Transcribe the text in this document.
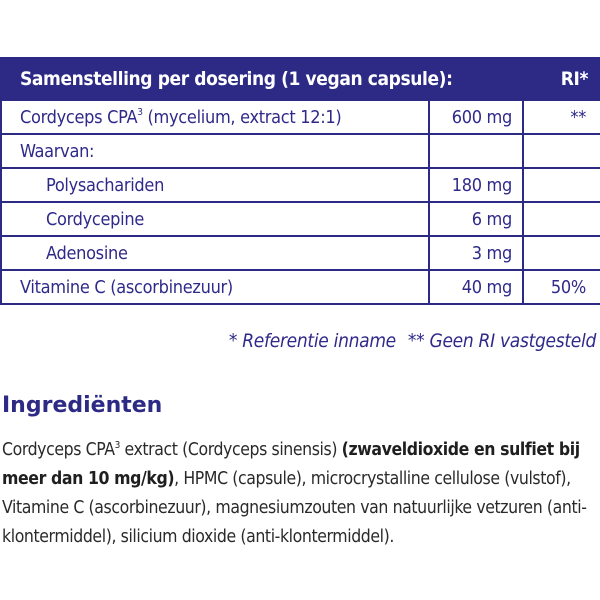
Samenstelling per dosering (1 vegan capsule):		RI*
Cordyceps CPA$^3$ (mycelium, extract 12:1)	600 mg	**
Waarvan:		
Polysachariden	180 mg	
Cordycepine	6 mg	
Adenosine	3 mg	
Vitamine C (ascorbinezuur)	40 mg	50%
* Referentie inname ** Geen RI vastgesteld
Ingrediënten

Cordyceps CPA$^3$ extract (Cordyceps sinensis) (zwaveldioxide en sulfiet bij meer dan 10 mg/kg), HPMC (capsule), microcrystalline cellulose (vulstof), Vitamine C (ascorbinezuur), magnesiumzouten van natuurlijke vetzuren (anti-klontermiddel), silicium dioxide (anti-klontermiddel).
